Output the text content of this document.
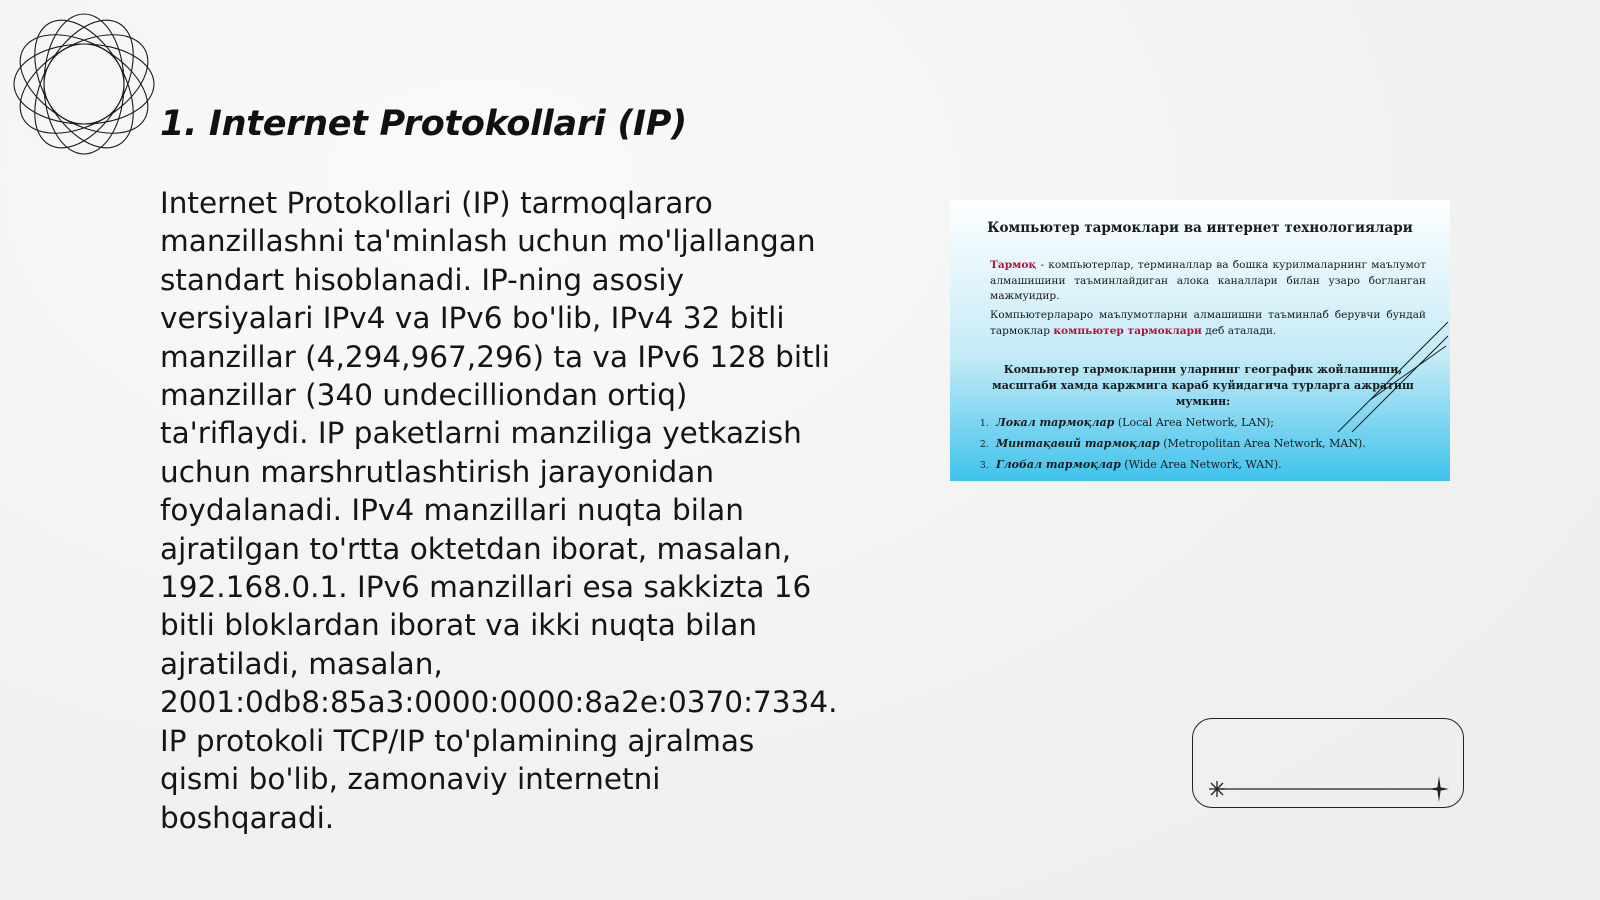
1. Internet Protokollari (IP)

Internet Protokollari (IP) tarmoqlararo
manzillashni ta'minlash uchun mo'ljallangan
standart hisoblanadi. IP-ning asosiy
versiyalari IPv4 va IPv6 bo'lib, IPv4 32 bitli
manzillar (4,294,967,296) ta va IPv6 128 bitli
manzillar (340 undecilliondan ortiq)
ta'riflaydi. IP paketlarni manziliga yetkazish
uchun marshrutlashtirish jarayonidan
foydalanadi. IPv4 manzillari nuqta bilan
ajratilgan to'rtta oktetdan iborat, masalan,
192.168.0.1. IPv6 manzillari esa sakkizta 16
bitli bloklardan iborat va ikki nuqta bilan
ajratiladi, masalan,
2001:0db8:85a3:0000:0000:8a2e:0370:7334.
IP protokoli TCP/IP to'plamining ajralmas
qismi bo'lib, zamonaviy internetni
boshqaradi.

Компьютер тармоклари ва интернет технологиялари
Тармоқ - компьютерлар, терминаллар ва бошка курилмаларнинг маълумот алмашишини таъминлайдиган алока каналлари билан узаро богланган мажмуидир.
Компьютерлараро маълумотларни алмашишни таъминлаб берувчи бундай тармоклар компьютер тармоклари деб аталади.
Компьютер тармокларини уларнинг географик жойлашиши, масштаби хамда каржмига караб куйидагича турларга ажратиш мумкин:
1. Локал тармоқлар (Local Area Network, LAN);
2. Минтақавий тармоқлар (Metropolitan Area Network, MAN).
3. Глобал тармоқлар (Wide Area Network, WAN).
